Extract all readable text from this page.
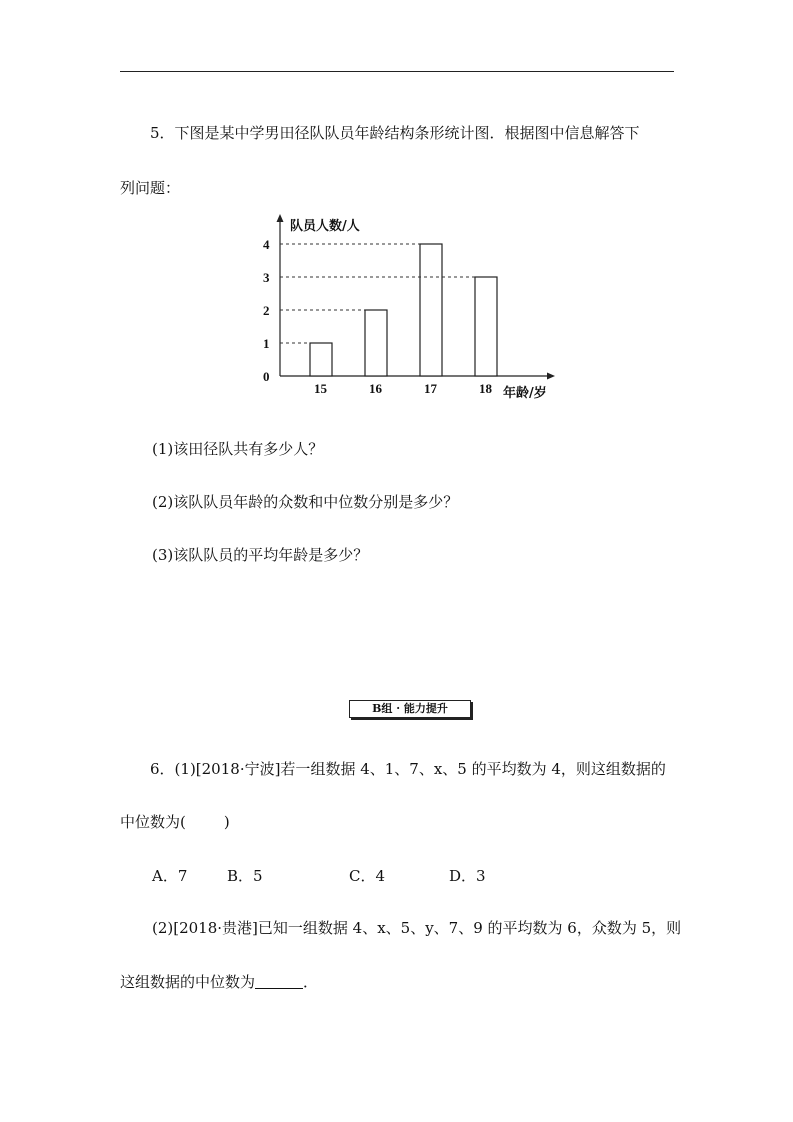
5．下图是某中学男田径队队员年龄结构条形统计图．根据图中信息解答下
列问题：
0
1
2
3
4
15	16	17	18
队员人数/人
年龄/岁
(1)该田径队共有多少人？
(2)该队队员年龄的众数和中位数分别是多少？
(3)该队队员的平均年龄是多少？
B组 · 能力提升
6．(1)[2018·宁波]若一组数据 4、1、7、x、5 的平均数为 4，则这组数据的
中位数为(	)
A．7	B．5	C．4	D．3
(2)[2018·贵港]已知一组数据 4、x、5、y、7、9 的平均数为 6，众数为 5，则
这组数据的中位数为	．
